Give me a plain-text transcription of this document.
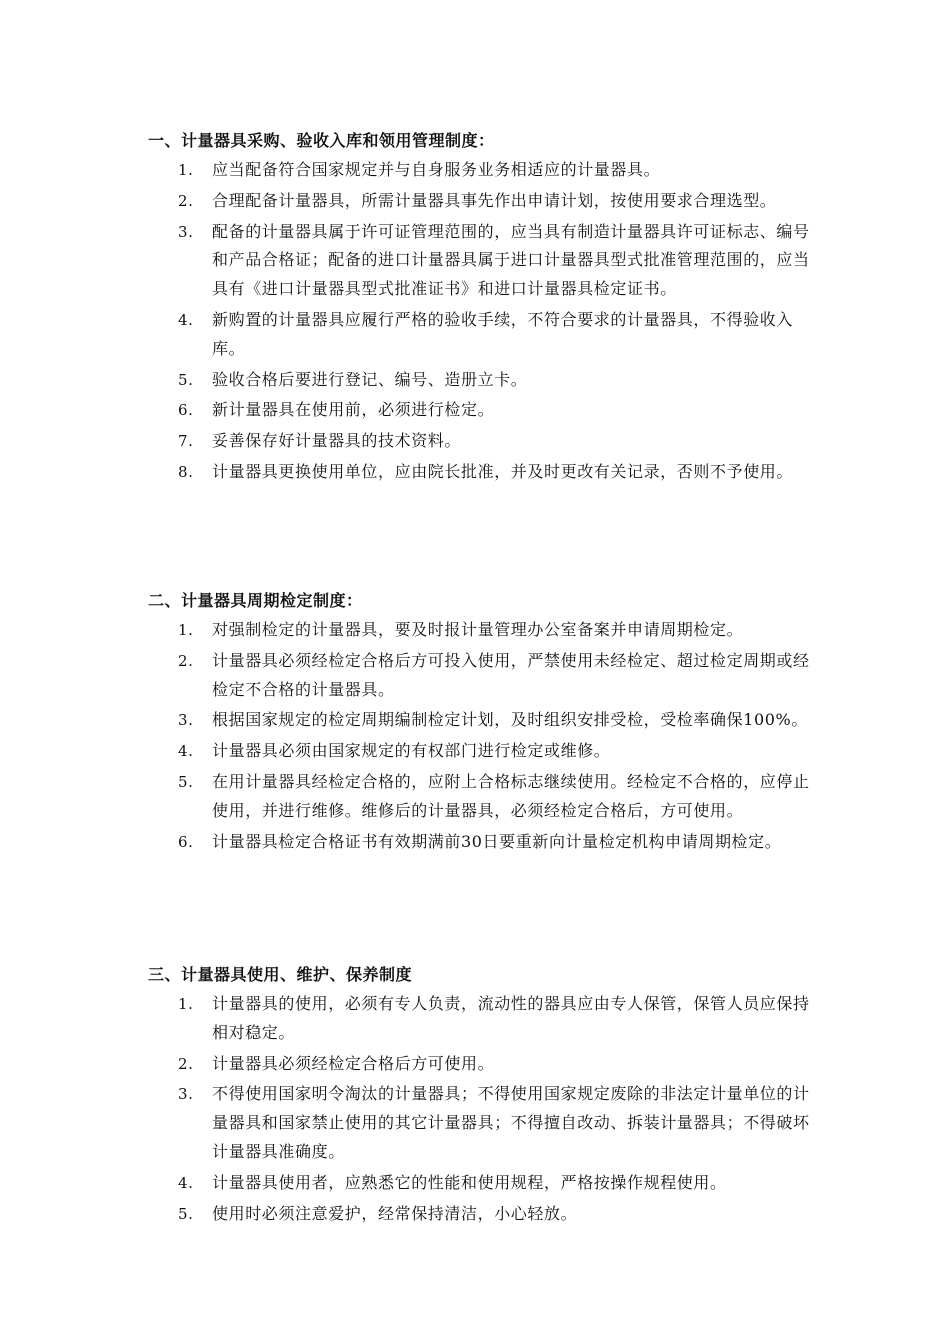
一、计量器具采购、验收入库和领用管理制度：
1. 应当配备符合国家规定并与自身服务业务相适应的计量器具。
2. 合理配备计量器具，所需计量器具事先作出申请计划，按使用要求合理选型。
3. 配备的计量器具属于许可证管理范围的，应当具有制造计量器具许可证标志、编号和产品合格证；配备的进口计量器具属于进口计量器具型式批准管理范围的，应当具有《进口计量器具型式批准证书》和进口计量器具检定证书。
4. 新购置的计量器具应履行严格的验收手续，不符合要求的计量器具，不得验收入库。
5. 验收合格后要进行登记、编号、造册立卡。
6. 新计量器具在使用前，必须进行检定。
7. 妥善保存好计量器具的技术资料。
8. 计量器具更换使用单位，应由院长批准，并及时更改有关记录，否则不予使用。
二、计量器具周期检定制度：
1. 对强制检定的计量器具，要及时报计量管理办公室备案并申请周期检定。
2. 计量器具必须经检定合格后方可投入使用，严禁使用未经检定、超过检定周期或经检定不合格的计量器具。
3. 根据国家规定的检定周期编制检定计划，及时组织安排受检，受检率确保100%。
4. 计量器具必须由国家规定的有权部门进行检定或维修。
5. 在用计量器具经检定合格的，应附上合格标志继续使用。经检定不合格的，应停止使用，并进行维修。维修后的计量器具，必须经检定合格后，方可使用。
6. 计量器具检定合格证书有效期满前30日要重新向计量检定机构申请周期检定。
三、计量器具使用、维护、保养制度
1. 计量器具的使用，必须有专人负责，流动性的器具应由专人保管，保管人员应保持相对稳定。
2. 计量器具必须经检定合格后方可使用。
3. 不得使用国家明令淘汰的计量器具；不得使用国家规定废除的非法定计量单位的计量器具和国家禁止使用的其它计量器具；不得擅自改动、拆装计量器具；不得破坏计量器具准确度。
4. 计量器具使用者，应熟悉它的性能和使用规程，严格按操作规程使用。
5. 使用时必须注意爱护，经常保持清洁，小心轻放。
